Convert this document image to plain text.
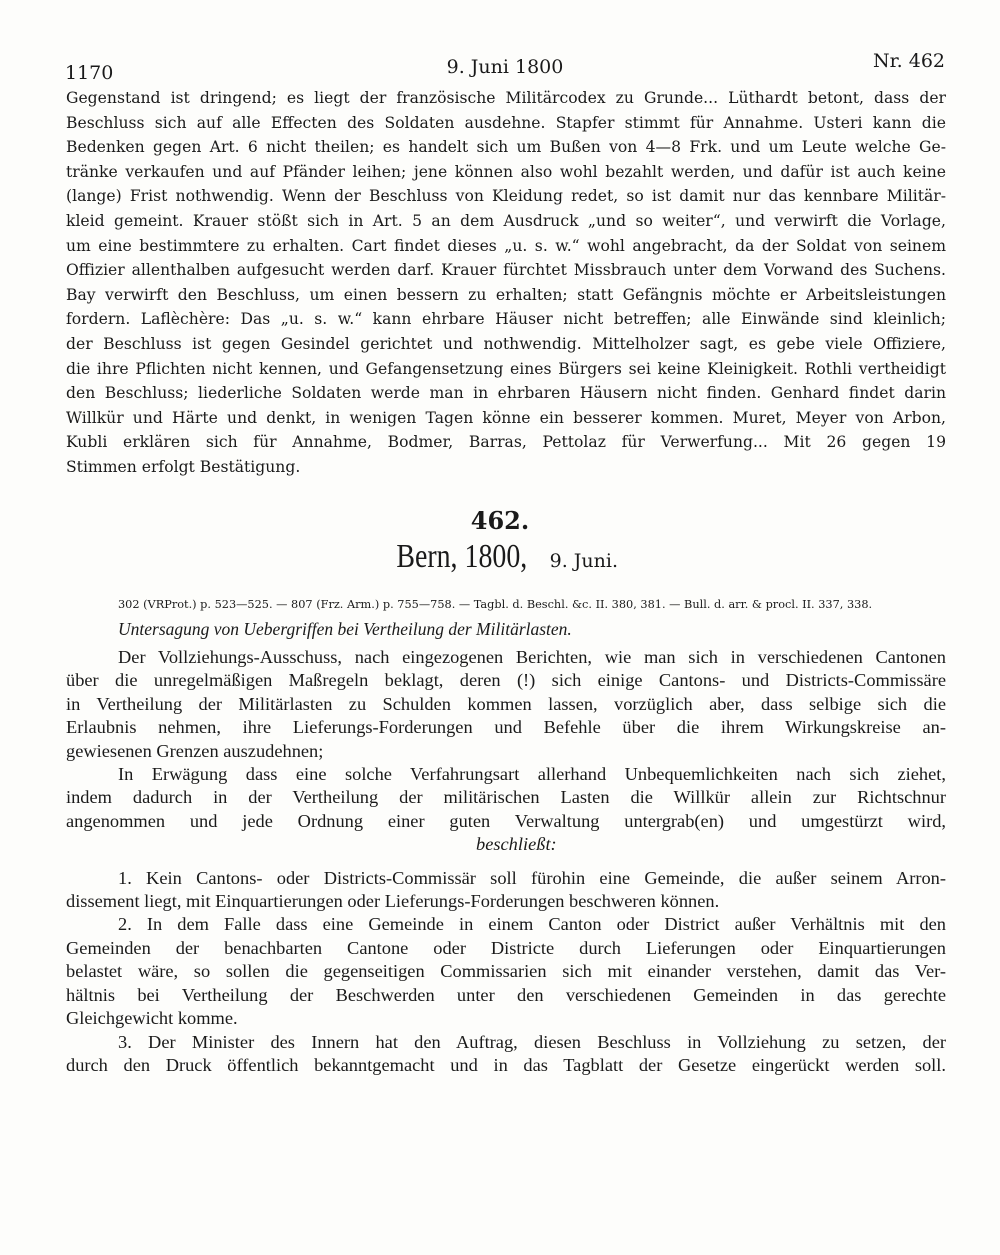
1170	9. Juni 1800	Nr. 462
Gegenstand ist dringend; es liegt der französische Militärcodex zu Grunde... Lüthardt betont, dass der
Beschluss sich auf alle Effecten des Soldaten ausdehne. Stapfer stimmt für Annahme. Usteri kann die
Bedenken gegen Art. 6 nicht theilen; es handelt sich um Bußen von 4—8 Frk. und um Leute welche Ge-
tränke verkaufen und auf Pfänder leihen; jene können also wohl bezahlt werden, und dafür ist auch keine
(lange) Frist nothwendig. Wenn der Beschluss von Kleidung redet, so ist damit nur das kennbare Militär-
kleid gemeint. Krauer stößt sich in Art. 5 an dem Ausdruck „und so weiter“, und verwirft die Vorlage,
um eine bestimmtere zu erhalten. Cart findet dieses „u. s. w.“ wohl angebracht, da der Soldat von seinem
Offizier allenthalben aufgesucht werden darf. Krauer fürchtet Missbrauch unter dem Vorwand des Suchens.
Bay verwirft den Beschluss, um einen bessern zu erhalten; statt Gefängnis möchte er Arbeitsleistungen
fordern. Laflèchère: Das „u. s. w.“ kann ehrbare Häuser nicht betreffen; alle Einwände sind kleinlich;
der Beschluss ist gegen Gesindel gerichtet und nothwendig. Mittelholzer sagt, es gebe viele Offiziere,
die ihre Pflichten nicht kennen, und Gefangensetzung eines Bürgers sei keine Kleinigkeit. Rothli vertheidigt
den Beschluss; liederliche Soldaten werde man in ehrbaren Häusern nicht finden. Genhard findet darin
Willkür und Härte und denkt, in wenigen Tagen könne ein besserer kommen. Muret, Meyer von Arbon,
Kubli erklären sich für Annahme, Bodmer, Barras, Pettolaz für Verwerfung... Mit 26 gegen 19
Stimmen erfolgt Bestätigung.
462.
Bern, 1800, 9. Juni.
302 (VRProt.) p. 523—525. — 807 (Frz. Arm.) p. 755—758. — Tagbl. d. Beschl. &c. II. 380, 381. — Bull. d. arr. & procl. II. 337, 338.
Untersagung von Uebergriffen bei Vertheilung der Militärlasten.
Der Vollziehungs-Ausschuss, nach eingezogenen Berichten, wie man sich in verschiedenen Cantonen
über die unregelmäßigen Maßregeln beklagt, deren (!) sich einige Cantons- und Districts-Commissäre
in Vertheilung der Militärlasten zu Schulden kommen lassen, vorzüglich aber, dass selbige sich die
Erlaubnis nehmen, ihre Lieferungs-Forderungen und Befehle über die ihrem Wirkungskreise an-
gewiesenen Grenzen auszudehnen;
In Erwägung dass eine solche Verfahrungsart allerhand Unbequemlichkeiten nach sich ziehet,
indem dadurch in der Vertheilung der militärischen Lasten die Willkür allein zur Richtschnur
angenommen und jede Ordnung einer guten Verwaltung untergrab(en) und umgestürzt wird,
beschließt:
1. Kein Cantons- oder Districts-Commissär soll fürohin eine Gemeinde, die außer seinem Arron-
dissement liegt, mit Einquartierungen oder Lieferungs-Forderungen beschweren können.
2. In dem Falle dass eine Gemeinde in einem Canton oder District außer Verhältnis mit den
Gemeinden der benachbarten Cantone oder Districte durch Lieferungen oder Einquartierungen
belastet wäre, so sollen die gegenseitigen Commissarien sich mit einander verstehen, damit das Ver-
hältnis bei Vertheilung der Beschwerden unter den verschiedenen Gemeinden in das gerechte
Gleichgewicht komme.
3. Der Minister des Innern hat den Auftrag, diesen Beschluss in Vollziehung zu setzen, der
durch den Druck öffentlich bekanntgemacht und in das Tagblatt der Gesetze eingerückt werden soll.
